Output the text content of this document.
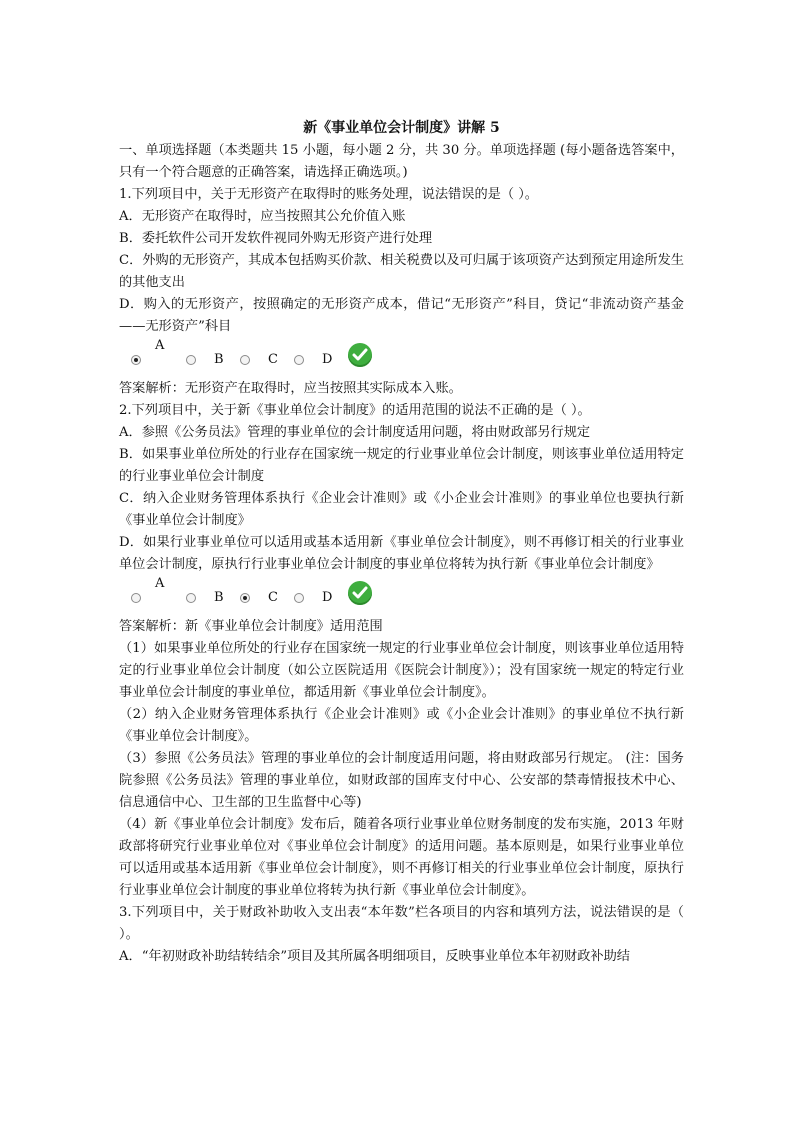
新《事业单位会计制度》讲解 5

一、单项选择题（本类题共 15 小题，每小题 2 分，共 30 分。单项选择题 (每小题备选答案中，只有一个符合题意的正确答案，请选择正确选项。)

1.下列项目中，关于无形资产在取得时的账务处理，说法错误的是（ ）。

A．无形资产在取得时，应当按照其公允价值入账

B．委托软件公司开发软件视同外购无形资产进行处理

C．外购的无形资产，其成本包括购买价款、相关税费以及可归属于该项资产达到预定用途所发生的其他支出

D．购入的无形资产，按照确定的无形资产成本，借记“无形资产”科目，贷记“非流动资产基金——无形资产”科目

A
B	C	D

答案解析：无形资产在取得时，应当按照其实际成本入账。

2.下列项目中，关于新《事业单位会计制度》的适用范围的说法不正确的是（ ）。

A．参照《公务员法》管理的事业单位的会计制度适用问题，将由财政部另行规定

B．如果事业单位所处的行业存在国家统一规定的行业事业单位会计制度，则该事业单位适用特定的行业事业单位会计制度

C．纳入企业财务管理体系执行《企业会计准则》或《小企业会计准则》的事业单位也要执行新《事业单位会计制度》

D．如果行业事业单位可以适用或基本适用新《事业单位会计制度》，则不再修订相关的行业事业单位会计制度，原执行行业事业单位会计制度的事业单位将转为执行新《事业单位会计制度》

A
B	C	D

答案解析：新《事业单位会计制度》适用范围

（1）如果事业单位所处的行业存在国家统一规定的行业事业单位会计制度，则该事业单位适用特定的行业事业单位会计制度（如公立医院适用《医院会计制度》）；没有国家统一规定的特定行业事业单位会计制度的事业单位，都适用新《事业单位会计制度》。

（2）纳入企业财务管理体系执行《企业会计准则》或《小企业会计准则》的事业单位不执行新《事业单位会计制度》。

（3）参照《公务员法》管理的事业单位的会计制度适用问题，将由财政部另行规定。 (注：国务院参照《公务员法》管理的事业单位，如财政部的国库支付中心、公安部的禁毒情报技术中心、信息通信中心、卫生部的卫生监督中心等)

（4）新《事业单位会计制度》发布后，随着各项行业事业单位财务制度的发布实施，2013 年财政部将研究行业事业单位对《事业单位会计制度》的适用问题。基本原则是，如果行业事业单位可以适用或基本适用新《事业单位会计制度》，则不再修订相关的行业事业单位会计制度，原执行行业事业单位会计制度的事业单位将转为执行新《事业单位会计制度》。

3.下列项目中，关于财政补助收入支出表“本年数”栏各项目的内容和填列方法，说法错误的是（ ）。

A．“年初财政补助结转结余”项目及其所属各明细项目，反映事业单位本年初财政补助结
